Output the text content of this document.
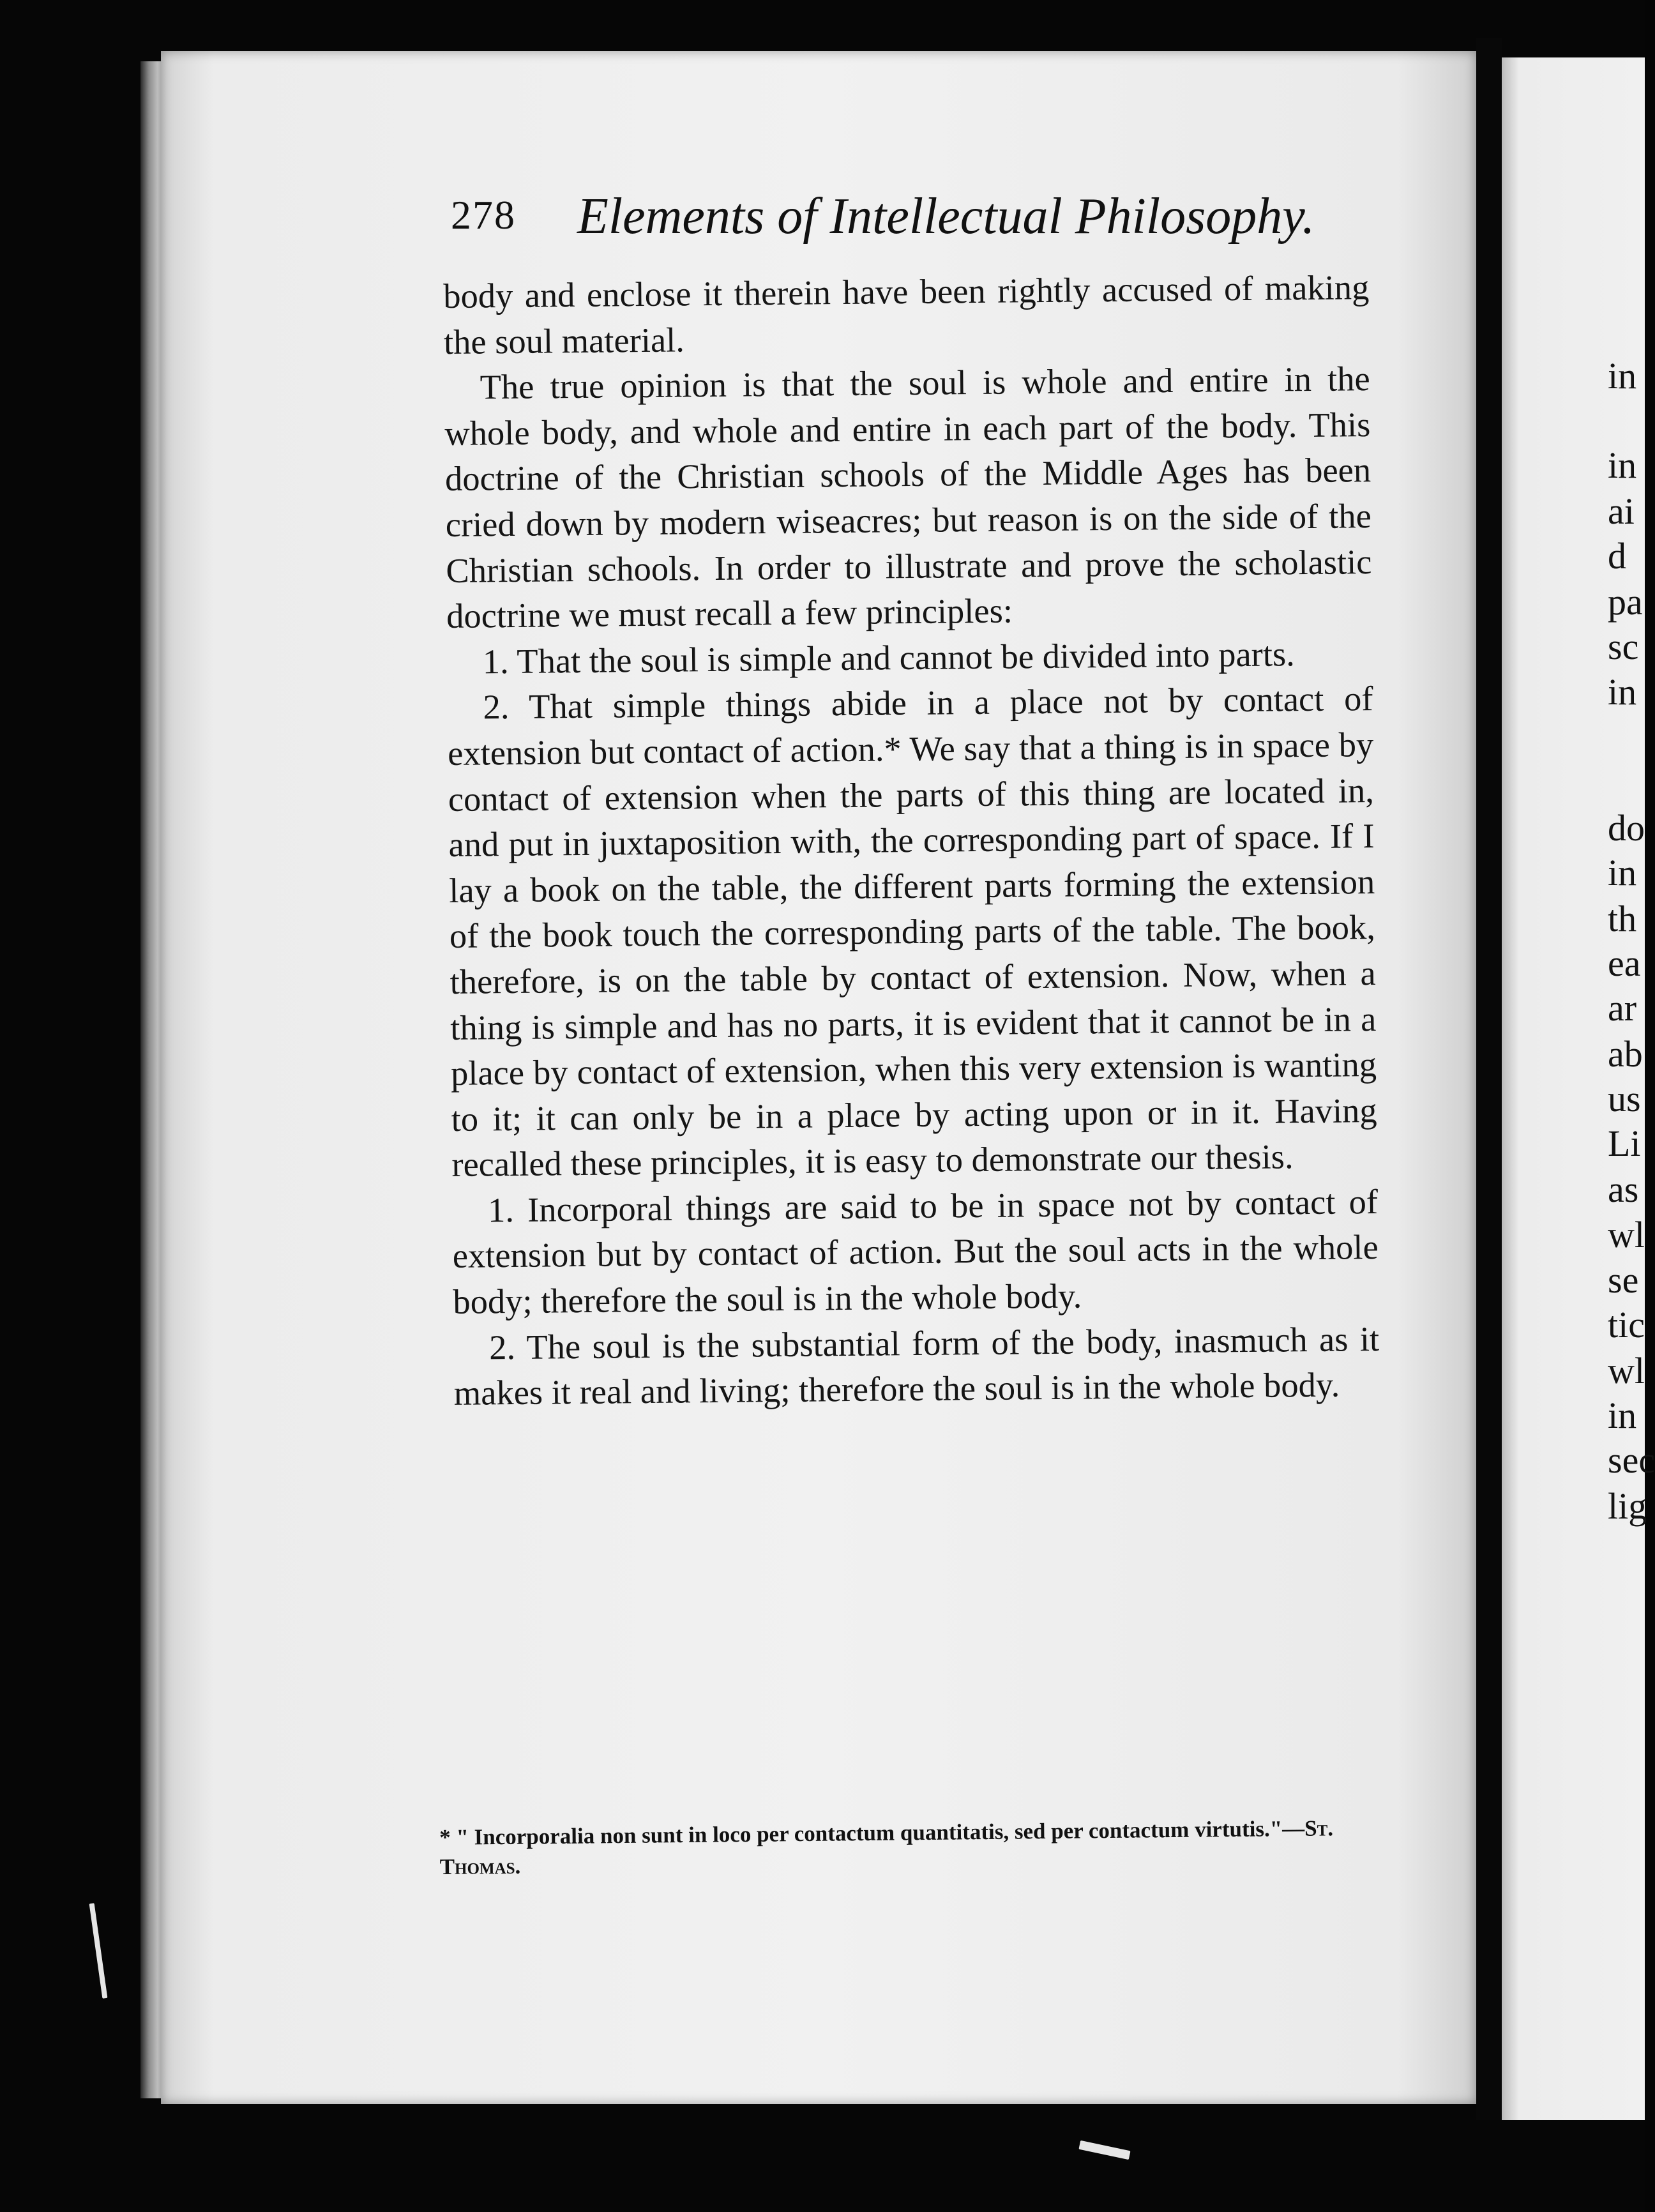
278 Elements of Intellectual Philosophy.

body and enclose it therein have been rightly accused of making the soul material.

The true opinion is that the soul is whole and entire in the whole body, and whole and entire in each part of the body. This doctrine of the Christian schools of the Middle Ages has been cried down by modern wiseacres; but reason is on the side of the Christian schools. In order to illustrate and prove the scholastic doctrine we must recall a few principles:

1. That the soul is simple and cannot be divided into parts.

2. That simple things abide in a place not by contact of extension but contact of action.* We say that a thing is in space by contact of extension when the parts of this thing are located in, and put in juxtaposition with, the corresponding part of space. If I lay a book on the table, the different parts forming the extension of the book touch the corresponding parts of the table. The book, therefore, is on the table by contact of extension. Now, when a thing is simple and has no parts, it is evident that it cannot be in a place by contact of extension, when this very extension is wanting to it; it can only be in a place by acting upon or in it. Having recalled these principles, it is easy to demonstrate our thesis.

1. Incorporal things are said to be in space not by contact of extension but by contact of action. But the soul acts in the whole body; therefore the soul is in the whole body.

2. The soul is the substantial form of the body, inasmuch as it makes it real and living; therefore the soul is in the whole body.

* " Incorporalia non sunt in loco per contactum quantitatis, sed per contactum virtutis."—St. Thomas.
in
in
ai
d
pa
sc
in
do
in
th
ea
ar
ab
us
Li
as
wl
se
tic
wl
in
sec
lig
